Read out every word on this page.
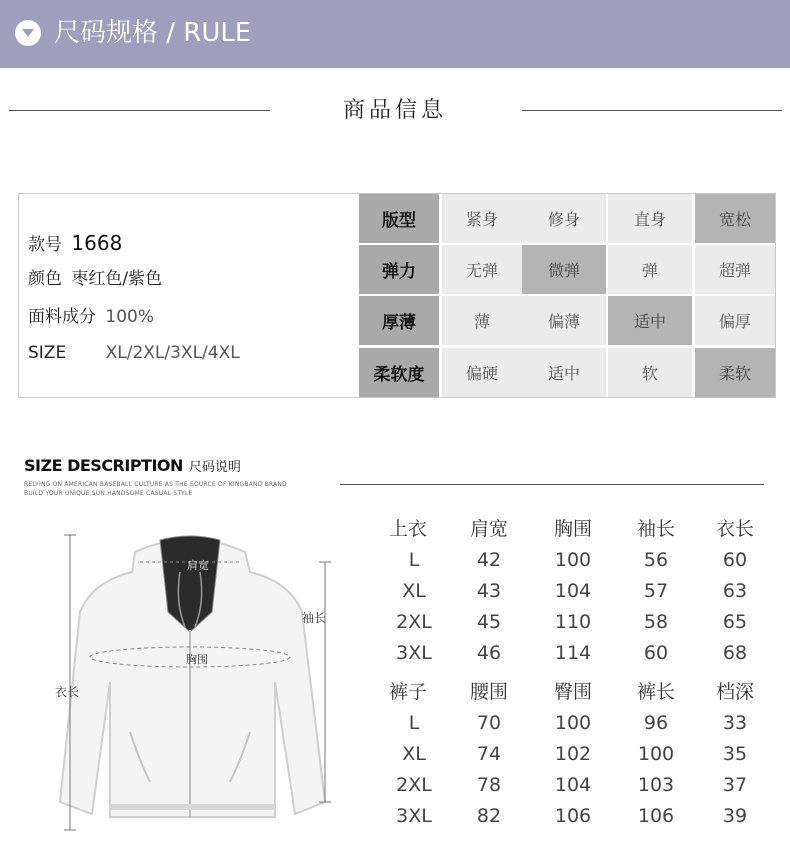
尺码规格 / RULE
商品信息
款号 1668
颜色 枣红色/紫色
面料成分 100%
SIZE XL/2XL/3XL/4XL
版型	紧身	修身	直身	宽松
弹力	无弹	微弹	弹	超弹
厚薄	薄	偏薄	适中	偏厚
柔软度	偏硬	适中	软	柔软
SIZE DESCRIPTION 尺码说明
RELYING ON AMERICAN BASEBALL CULTURE AS THE SOURCE OF KINGBAND BRAND
BUILD YOUR UNIQUE SUN HANDSOME CASUAL STYLE
肩宽
胸围
袖长
衣长
上衣	肩宽	胸围	袖长	衣长
L	42	100	56	60
XL	43	104	57	63
2XL	45	110	58	65
3XL	46	114	60	68
裤子	腰围	臀围	裤长	档深
L	70	100	96	33
XL	74	102	100	35
2XL	78	104	103	37
3XL	82	106	106	39
